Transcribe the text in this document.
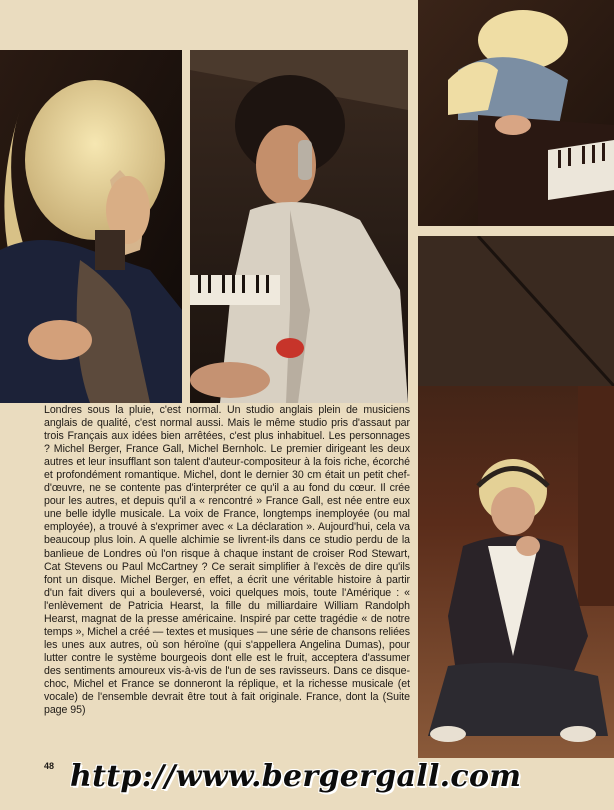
Londres sous la pluie, c'est normal. Un studio anglais plein de musiciens anglais de qualité, c'est normal aussi. Mais le même studio pris d'assaut par trois Français aux idées bien arrêtées, c'est plus inhabituel. Les personnages ? Michel Berger, France Gall, Michel Bernholc. Le premier dirigeant les deux autres et leur insufflant son talent d'auteur-compositeur à la fois riche, écorché et profondément romantique. Michel, dont le dernier 30 cm était un petit chef-d'œuvre, ne se contente pas d'interpréter ce qu'il a au fond du cœur. Il crée pour les autres, et depuis qu'il a « rencontré » France Gall, est née entre eux une belle idylle musicale. La voix de France, longtemps inemployée (ou mal employée), a trouvé à s'exprimer avec « La déclaration ». Aujourd'hui, cela va beaucoup plus loin. A quelle alchimie se livrent-ils dans ce studio perdu de la banlieue de Londres où l'on risque à chaque instant de croiser Rod Stewart, Cat Stevens ou Paul McCartney ? Ce serait simplifier à l'excès de dire qu'ils font un disque. Michel Berger, en effet, a écrit une véritable histoire à partir d'un fait divers qui a bouleversé, voici quelques mois, toute l'Amérique : « l'enlèvement de Patricia Hearst, la fille du milliardaire William Randolph Hearst, magnat de la presse américaine. Inspiré par cette tragédie « de notre temps », Michel a créé — textes et musiques — une série de chansons reliées les unes aux autres, où son héroïne (qui s'appellera Angelina Dumas), pour lutter contre le système bourgeois dont elle est le fruit, acceptera d'assumer des sentiments amoureux vis-à-vis de l'un de ses ravisseurs. Dans ce disque-choc, Michel et France se donneront la réplique, et la richesse musicale (et vocale) de l'ensemble devrait être tout à fait originale. France, dont la (Suite page 95)

48 http://www.bergergall.com
